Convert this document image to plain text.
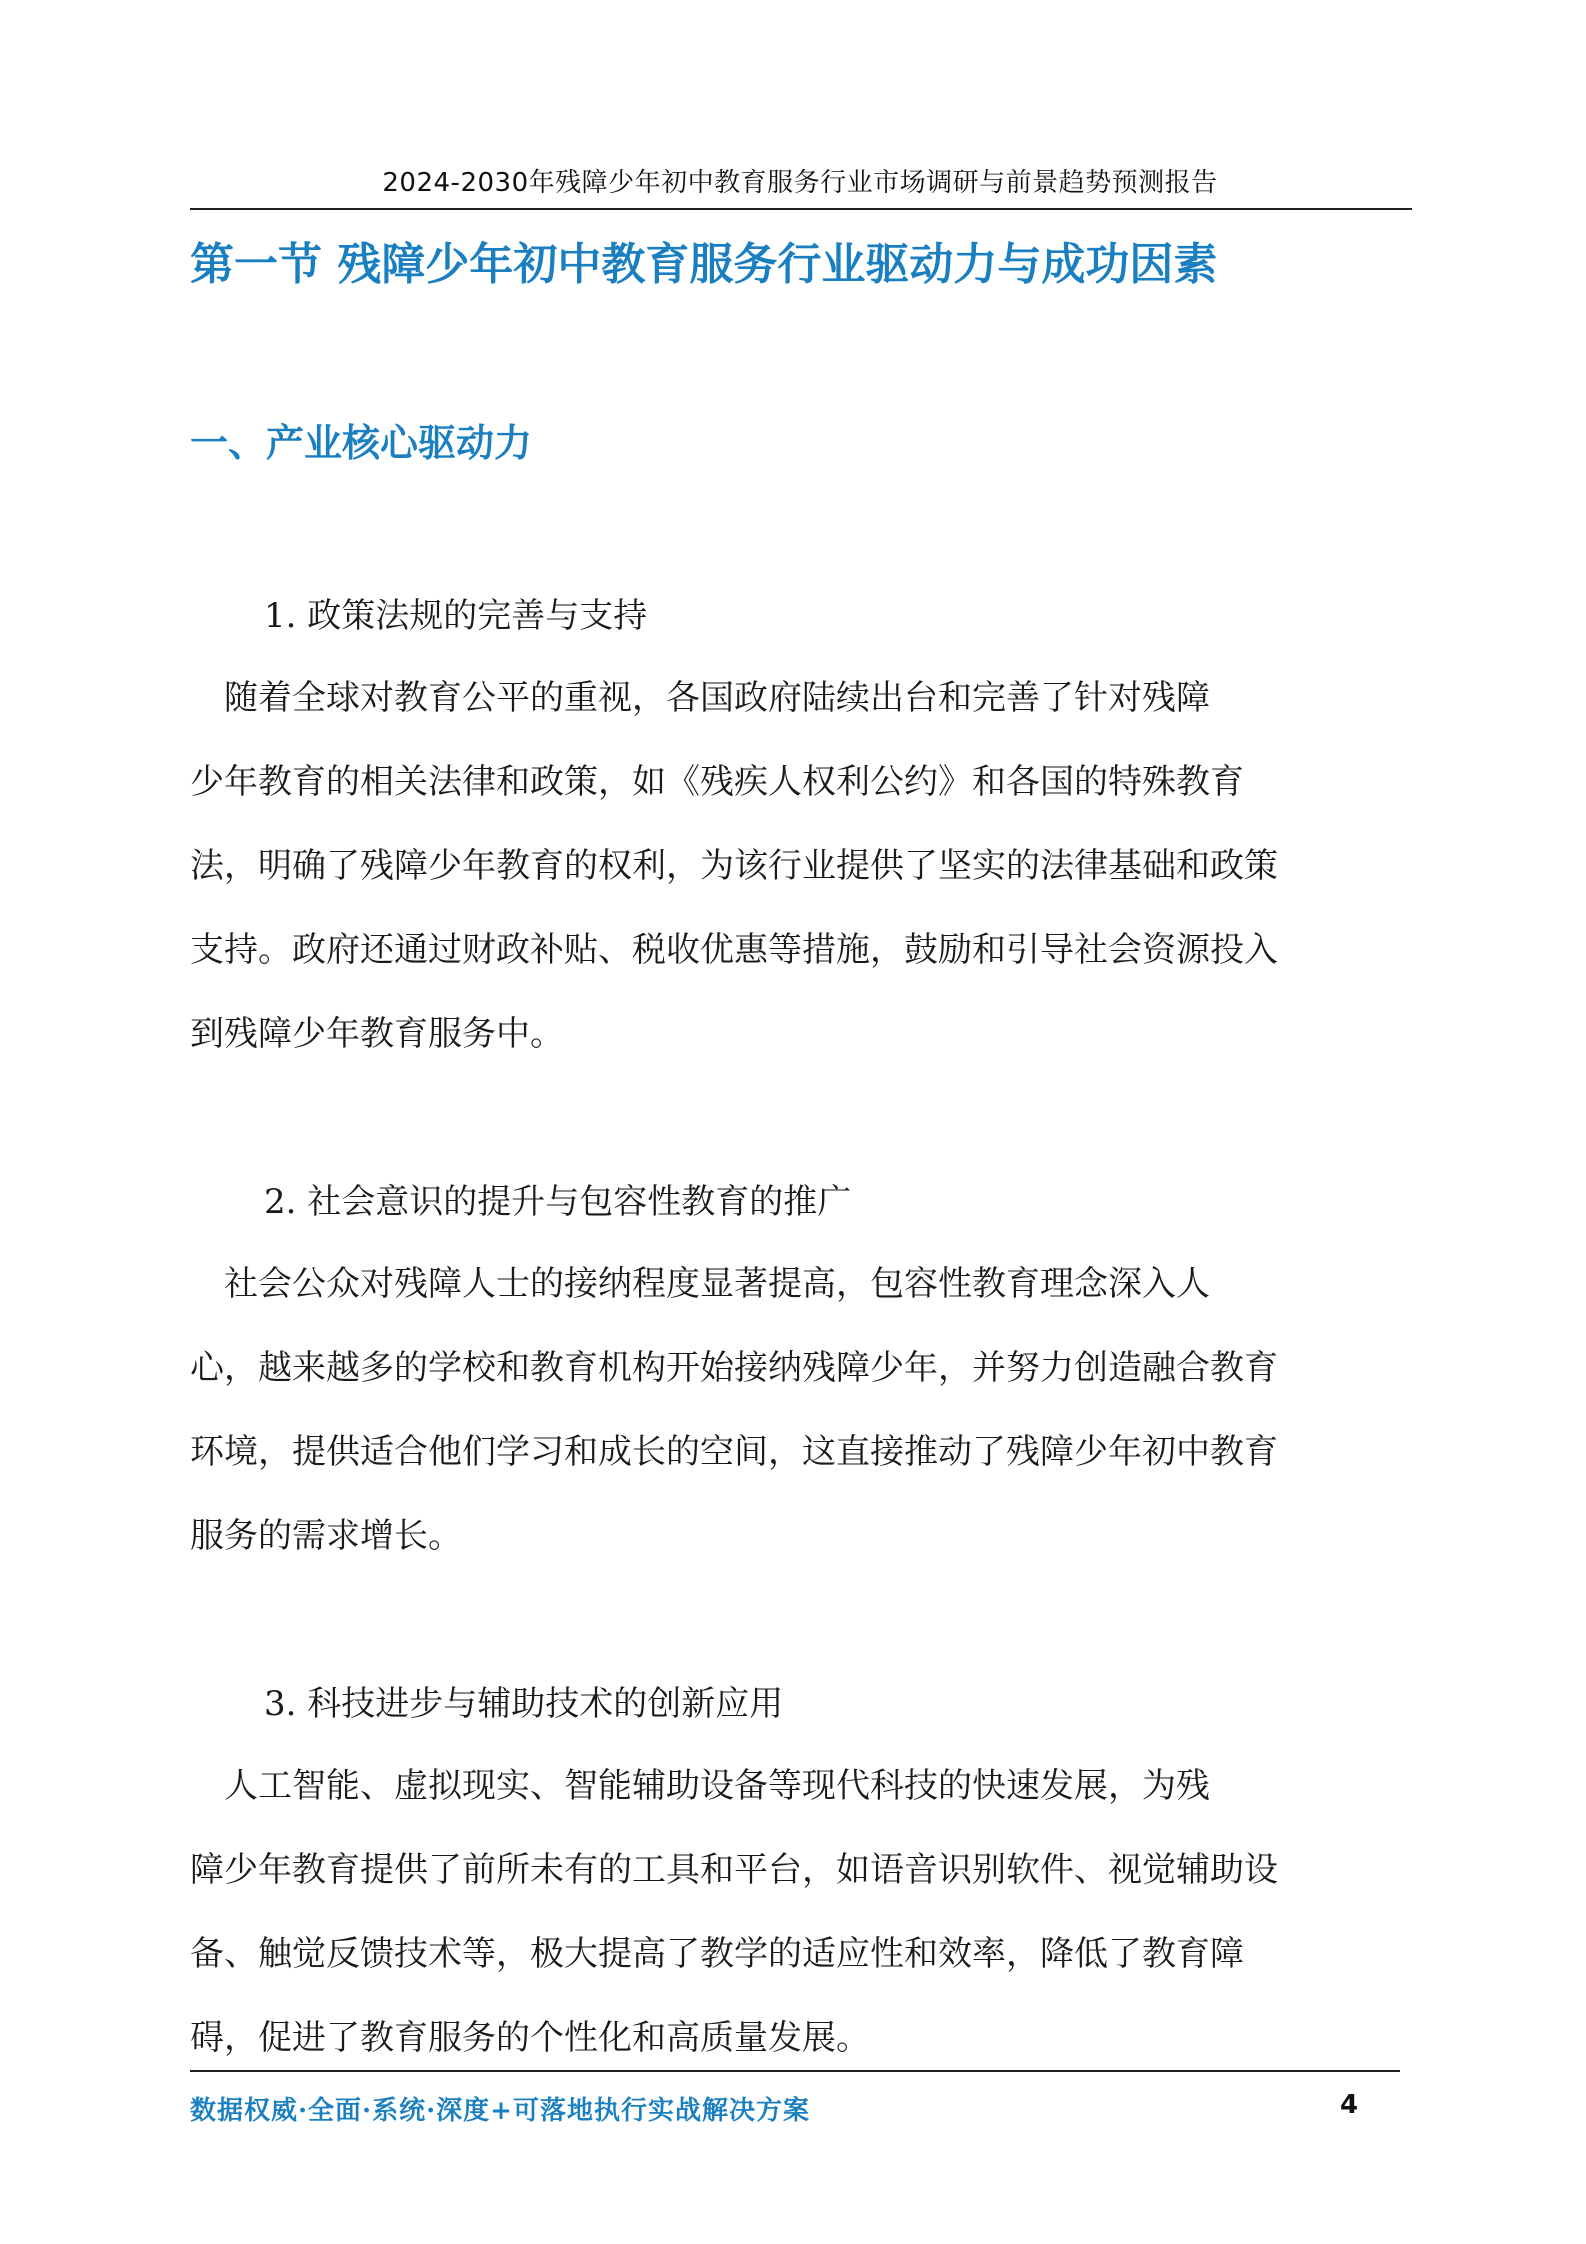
2024-2030年残障少年初中教育服务行业市场调研与前景趋势预测报告
第一节 残障少年初中教育服务行业驱动力与成功因素
一、产业核心驱动力
1. 政策法规的完善与支持
　随着全球对教育公平的重视，各国政府陆续出台和完善了针对残障
少年教育的相关法律和政策，如《残疾人权利公约》和各国的特殊教育
法，明确了残障少年教育的权利，为该行业提供了坚实的法律基础和政策
支持。政府还通过财政补贴、税收优惠等措施，鼓励和引导社会资源投入
到残障少年教育服务中。
2. 社会意识的提升与包容性教育的推广
　社会公众对残障人士的接纳程度显著提高，包容性教育理念深入人
心，越来越多的学校和教育机构开始接纳残障少年，并努力创造融合教育
环境，提供适合他们学习和成长的空间，这直接推动了残障少年初中教育
服务的需求增长。
3. 科技进步与辅助技术的创新应用
　人工智能、虚拟现实、智能辅助设备等现代科技的快速发展，为残
障少年教育提供了前所未有的工具和平台，如语音识别软件、视觉辅助设
备、触觉反馈技术等，极大提高了教学的适应性和效率，降低了教育障
碍，促进了教育服务的个性化和高质量发展。
数据权威·全面·系统·深度+可落地执行实战解决方案	4
